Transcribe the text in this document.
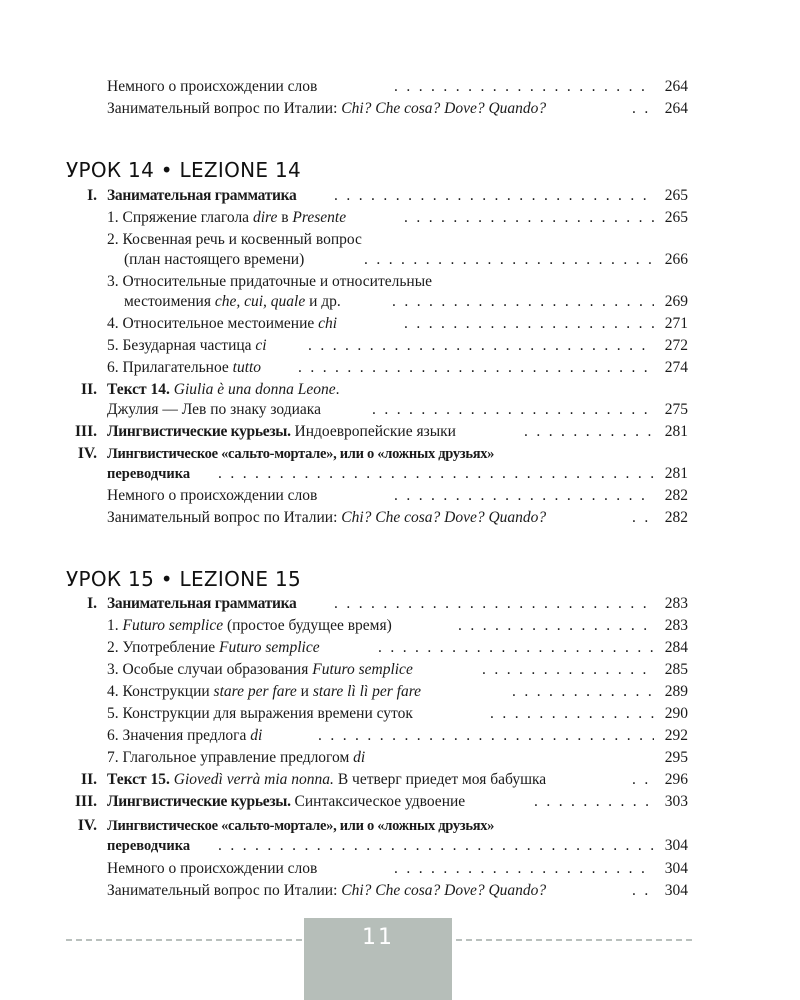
Немного о происхождении слов . . .	264
Занимательный вопрос по Италии: Chi? Che cosa? Dove? Quando? . . .	264
УРОК 14 • LEZIONE 14
I. Занимательная грамматика . . .	265
1. Спряжение глагола dire в Presente . . .	265
2. Косвенная речь и косвенный вопрос
(план настоящего времени) . . .	266
3. Относительные придаточные и относительные
местоимения che, cui, quale и др. . . .	269
4. Относительное местоимение chi . . .	271
5. Безударная частица ci . . .	272
6. Прилагательное tutto . . .	274
II. Текст 14. Giulia è una donna Leone.
Джулия — Лев по знаку зодиака . . .	275
III. Лингвистические курьезы. Индоевропейские языки . . .	281
IV. Лингвистическое «сальто-мортале», или о «ложных друзьях»
переводчика . . .	281
Немного о происхождении слов . . .	282
Занимательный вопрос по Италии: Chi? Che cosa? Dove? Quando? . . .	282
УРОК 15 • LEZIONE 15
I. Занимательная грамматика . . .	283
1. Futuro semplice (простое будущее время) . . .	283
2. Употребление Futuro semplice . . .	284
3. Особые случаи образования Futuro semplice . . .	285
4. Конструкции stare per fare и stare lì lì per fare . . .	289
5. Конструкции для выражения времени суток . . .	290
6. Значения предлога di . . .	292
7. Глагольное управление предлогом di	295
II. Текст 15. Giovedì verrà mia nonna. В четверг приедет моя бабушка . . .	296
III. Лингвистические курьезы. Синтаксическое удвоение . . .	303
IV. Лингвистическое «сальто-мортале», или о «ложных друзьях»
переводчика . . .	304
Немного о происхождении слов . . .	304
Занимательный вопрос по Италии: Chi? Che cosa? Dove? Quando? . . .	304
11
